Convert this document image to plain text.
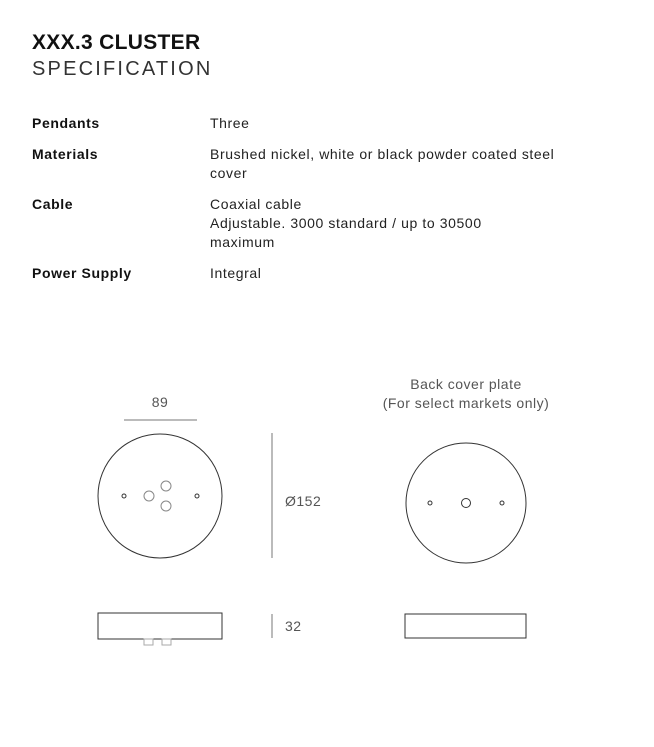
XXX.3 CLUSTER
SPECIFICATION
Pendants	Three
Materials	Brushed nickel, white or black powder coated steel cover
Cable	Coaxial cable
Adjustable. 3000 standard / up to 30500 maximum
Power Supply	Integral
89
Ø152
32
Back cover plate
(For select markets only)
